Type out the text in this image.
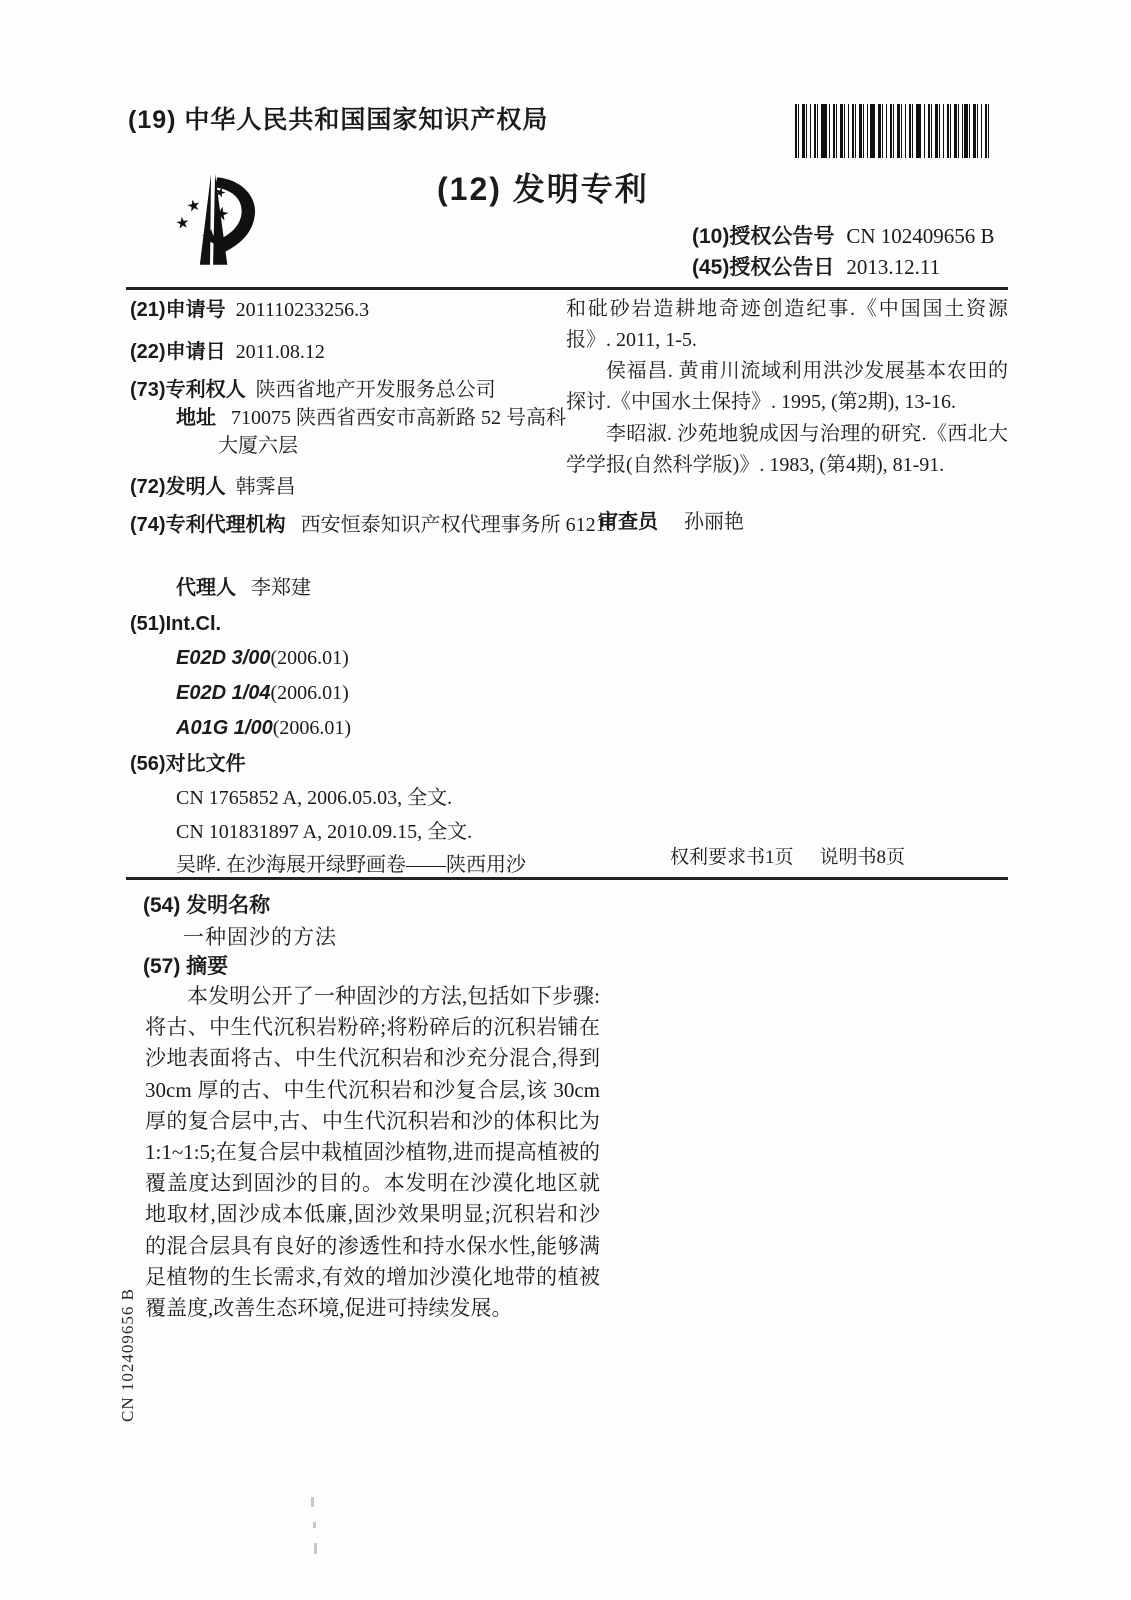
(19) 中华人民共和国国家知识产权局
(12) 发明专利
(10)授权公告号 CN 102409656 B
(45)授权公告日 2013.12.11
(21)申请号 201110233256.3
(22)申请日 2011.08.12
(73)专利权人 陕西省地产开发服务总公司
地址 710075 陕西省西安市高新路 52 号高科大厦六层
(72)发明人 韩霁昌
(74)专利代理机构 西安恒泰知识产权代理事务所 61216
代理人 李郑建
(51)Int.Cl.
E02D 3/00(2006.01)
E02D 1/04(2006.01)
A01G 1/00(2006.01)
(56)对比文件
CN 1765852 A, 2006.05.03, 全文.
CN 101831897 A, 2010.09.15, 全文.
吴晔. 在沙海展开绿野画卷——陕西用沙
和砒砂岩造耕地奇迹创造纪事.《中国国土资源报》. 2011, 1-5.
侯福昌. 黄甫川流域利用洪沙发展基本农田的探讨.《中国水土保持》. 1995, (第2期), 13-16.
李昭淑. 沙苑地貌成因与治理的研究.《西北大学学报(自然科学版)》. 1983, (第4期), 81-91.
审查员 孙丽艳
权利要求书1页 说明书8页
(54) 发明名称
一种固沙的方法
(57) 摘要
本发明公开了一种固沙的方法,包括如下步骤:将古、中生代沉积岩粉碎;将粉碎后的沉积岩铺在沙地表面将古、中生代沉积岩和沙充分混合,得到 30cm 厚的古、中生代沉积岩和沙复合层,该 30cm 厚的复合层中,古、中生代沉积岩和沙的体积比为1:1~1:5;在复合层中栽植固沙植物,进而提高植被的覆盖度达到固沙的目的。本发明在沙漠化地区就地取材,固沙成本低廉,固沙效果明显;沉积岩和沙的混合层具有良好的渗透性和持水保水性,能够满足植物的生长需求,有效的增加沙漠化地带的植被覆盖度,改善生态环境,促进可持续发展。
CN 102409656 B
